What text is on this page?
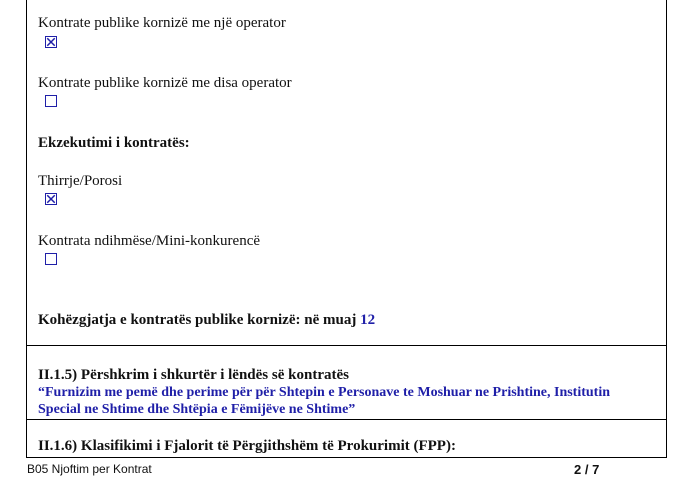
Kontrate publike kornizë me një operator
Kontrate publike kornizë me disa operator
Ekzekutimi i kontratës:
Thirrje/Porosi
Kontrata ndihmëse/Mini-konkurencë
Kohëzgjatja e kontratës publike kornizë: në muaj 12
II.1.5) Përshkrim i shkurtër i lëndës së kontratës
“Furnizim me pemë dhe perime për për Shtepin e Personave te Moshuar ne Prishtine, Institutin
Special ne Shtime dhe Shtëpia e Fëmijëve ne Shtime”
II.1.6) Klasifikimi i Fjalorit të Përgjithshëm të Prokurimit (FPP):
B05 Njoftim per Kontrat	2 / 7
